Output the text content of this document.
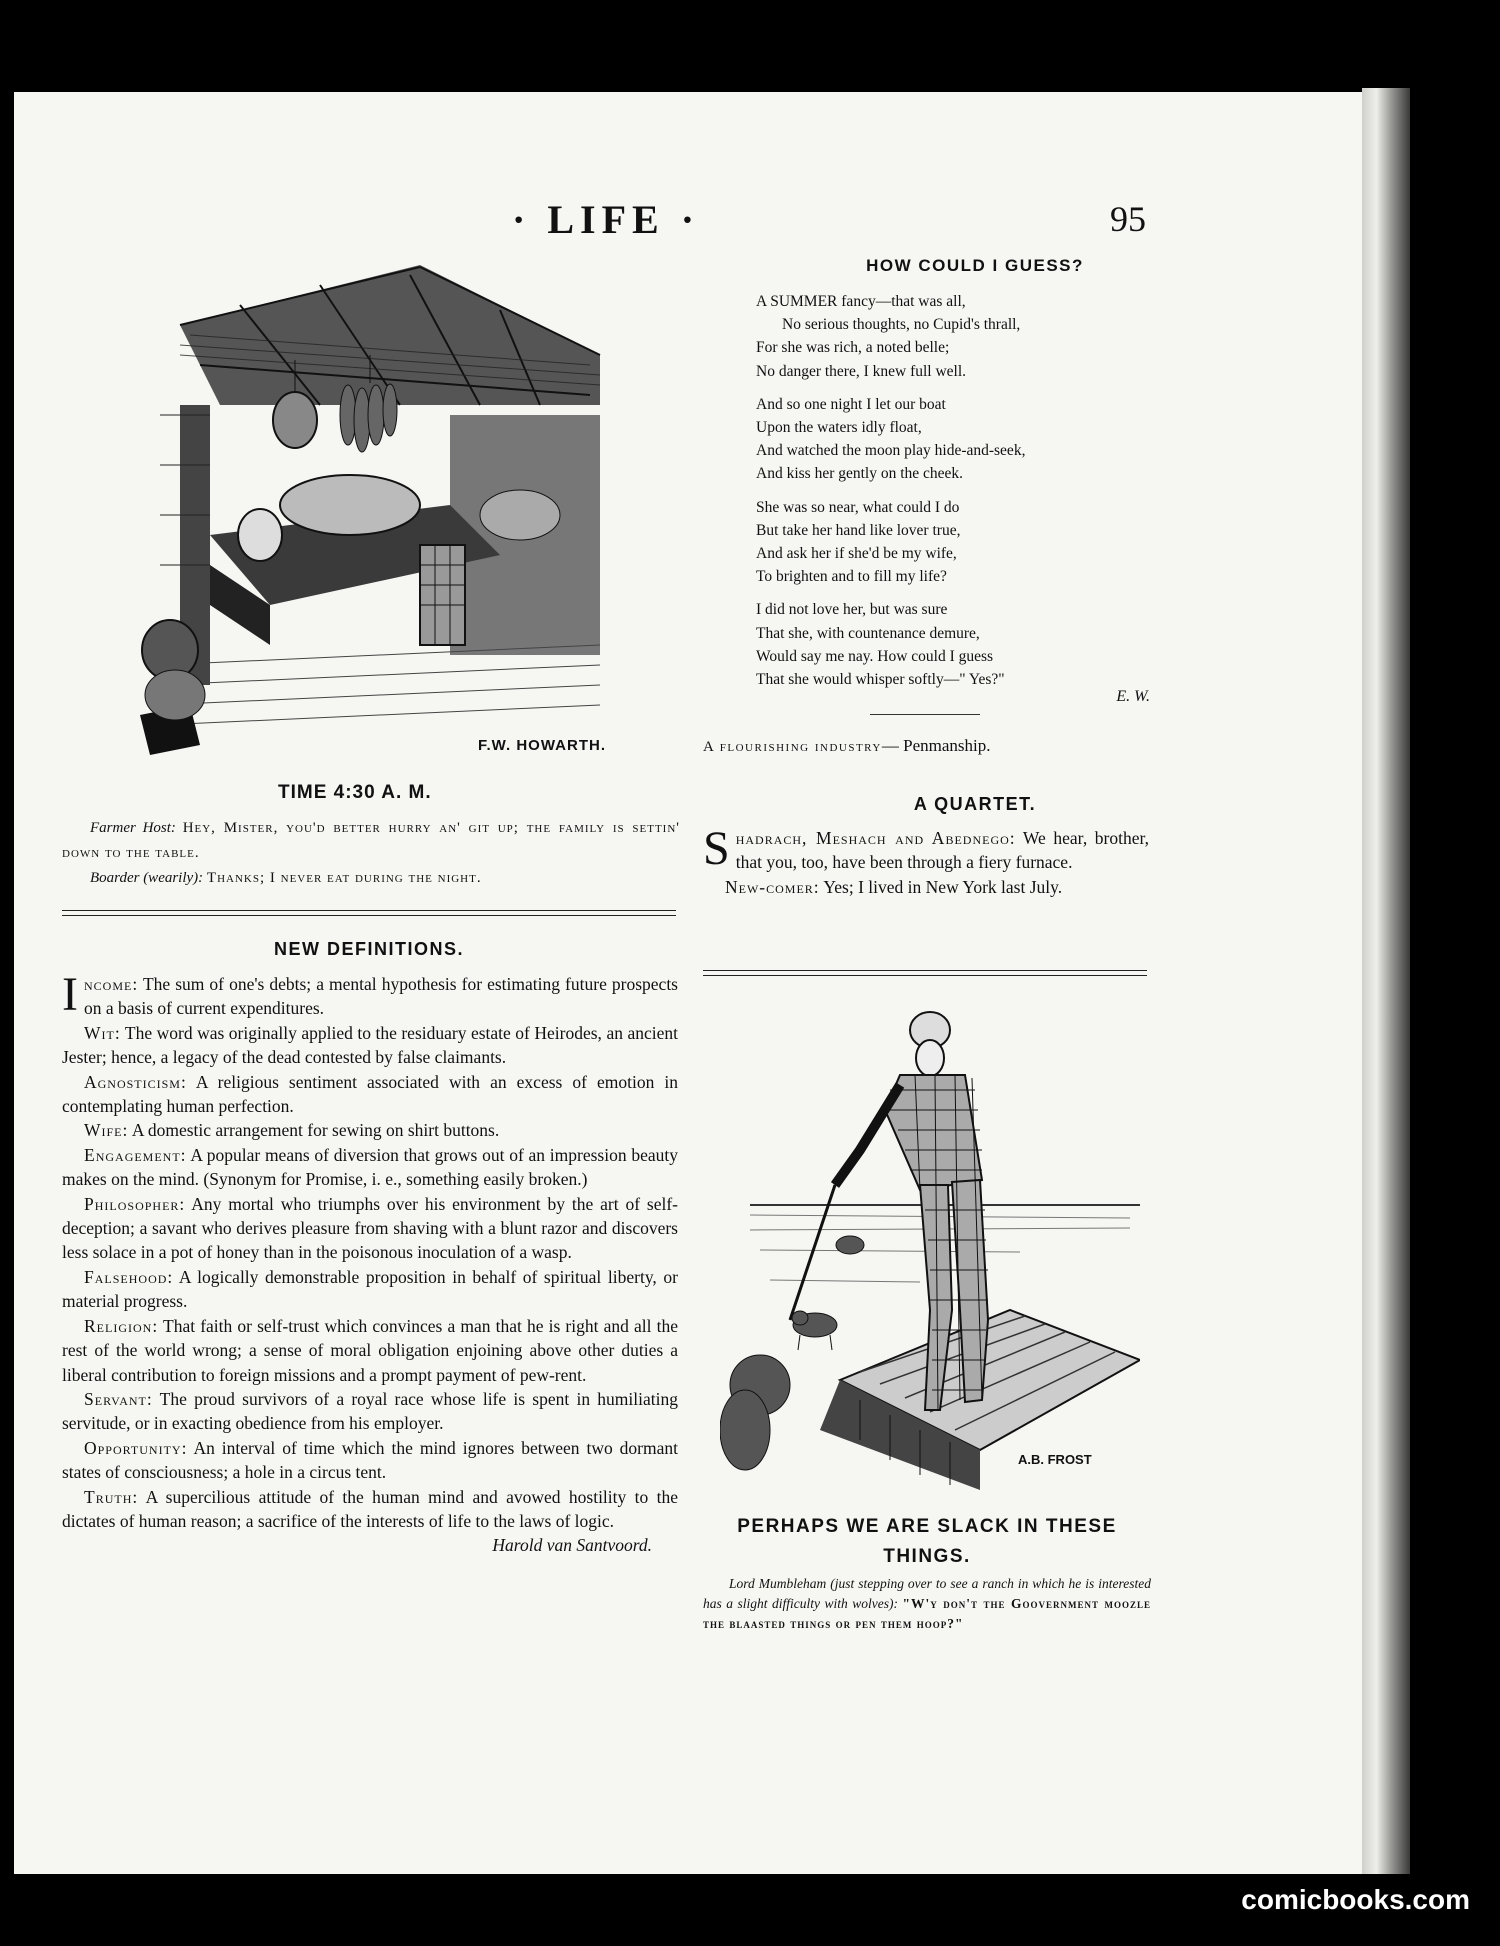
· LIFE ·	95
F.W. HOWARTH.
TIME 4:30 A. M.
Farmer Host: Hey, Mister, you'd better hurry an' git up; the family is settin' down to the table.
Boarder (wearily): Thanks; I never eat during the night.
NEW DEFINITIONS.

Income: The sum of one's debts; a mental hypothesis for estimating future prospects on a basis of current expenditures.

Wit: The word was originally applied to the residuary estate of Heirodes, an ancient Jester; hence, a legacy of the dead contested by false claimants.

Agnosticism: A religious sentiment associated with an excess of emotion in contemplating human perfection.

Wife: A domestic arrangement for sewing on shirt buttons.

Engagement: A popular means of diversion that grows out of an impression beauty makes on the mind. (Synonym for Promise, i. e., something easily broken.)

Philosopher: Any mortal who triumphs over his environment by the art of self-deception; a savant who derives pleasure from shaving with a blunt razor and discovers less solace in a pot of honey than in the poisonous inoculation of a wasp.

Falsehood: A logically demonstrable proposition in behalf of spiritual liberty, or material progress.

Religion: That faith or self-trust which convinces a man that he is right and all the rest of the world wrong; a sense of moral obligation enjoining above other duties a liberal contribution to foreign missions and a prompt payment of pew-rent.

Servant: The proud survivors of a royal race whose life is spent in humiliating servitude, or in exacting obedience from his employer.

Opportunity: An interval of time which the mind ignores between two dormant states of consciousness; a hole in a circus tent.

Truth: A supercilious attitude of the human mind and avowed hostility to the dictates of human reason; a sacrifice of the interests of life to the laws of logic.

Harold van Santvoord.
HOW COULD I GUESS?
A SUMMER fancy—that was all,
No serious thoughts, no Cupid's thrall,
For she was rich, a noted belle;
No danger there, I knew full well.
And so one night I let our boat
Upon the waters idly float,
And watched the moon play hide-and-seek,
And kiss her gently on the cheek.
She was so near, what could I do
But take her hand like lover true,
And ask her if she'd be my wife,
To brighten and to fill my life?
I did not love her, but was sure
That she, with countenance demure,
Would say me nay. How could I guess
That she would whisper softly—" Yes?"
E. W.
A flourishing industry— Penmanship.
A QUARTET.

Shadrach, Meshach and Abednego: We hear, brother, that you, too, have been through a fiery furnace.

New-comer: Yes; I lived in New York last July.

A.B. FROST
PERHAPS WE ARE SLACK IN THESE THINGS.
Lord Mumbleham (just stepping over to see a ranch in which he is interested has a slight difficulty with wolves): "W'y don't the Goovernment moozle the blaasted things or pen them hoop?"
comicbooks.com
